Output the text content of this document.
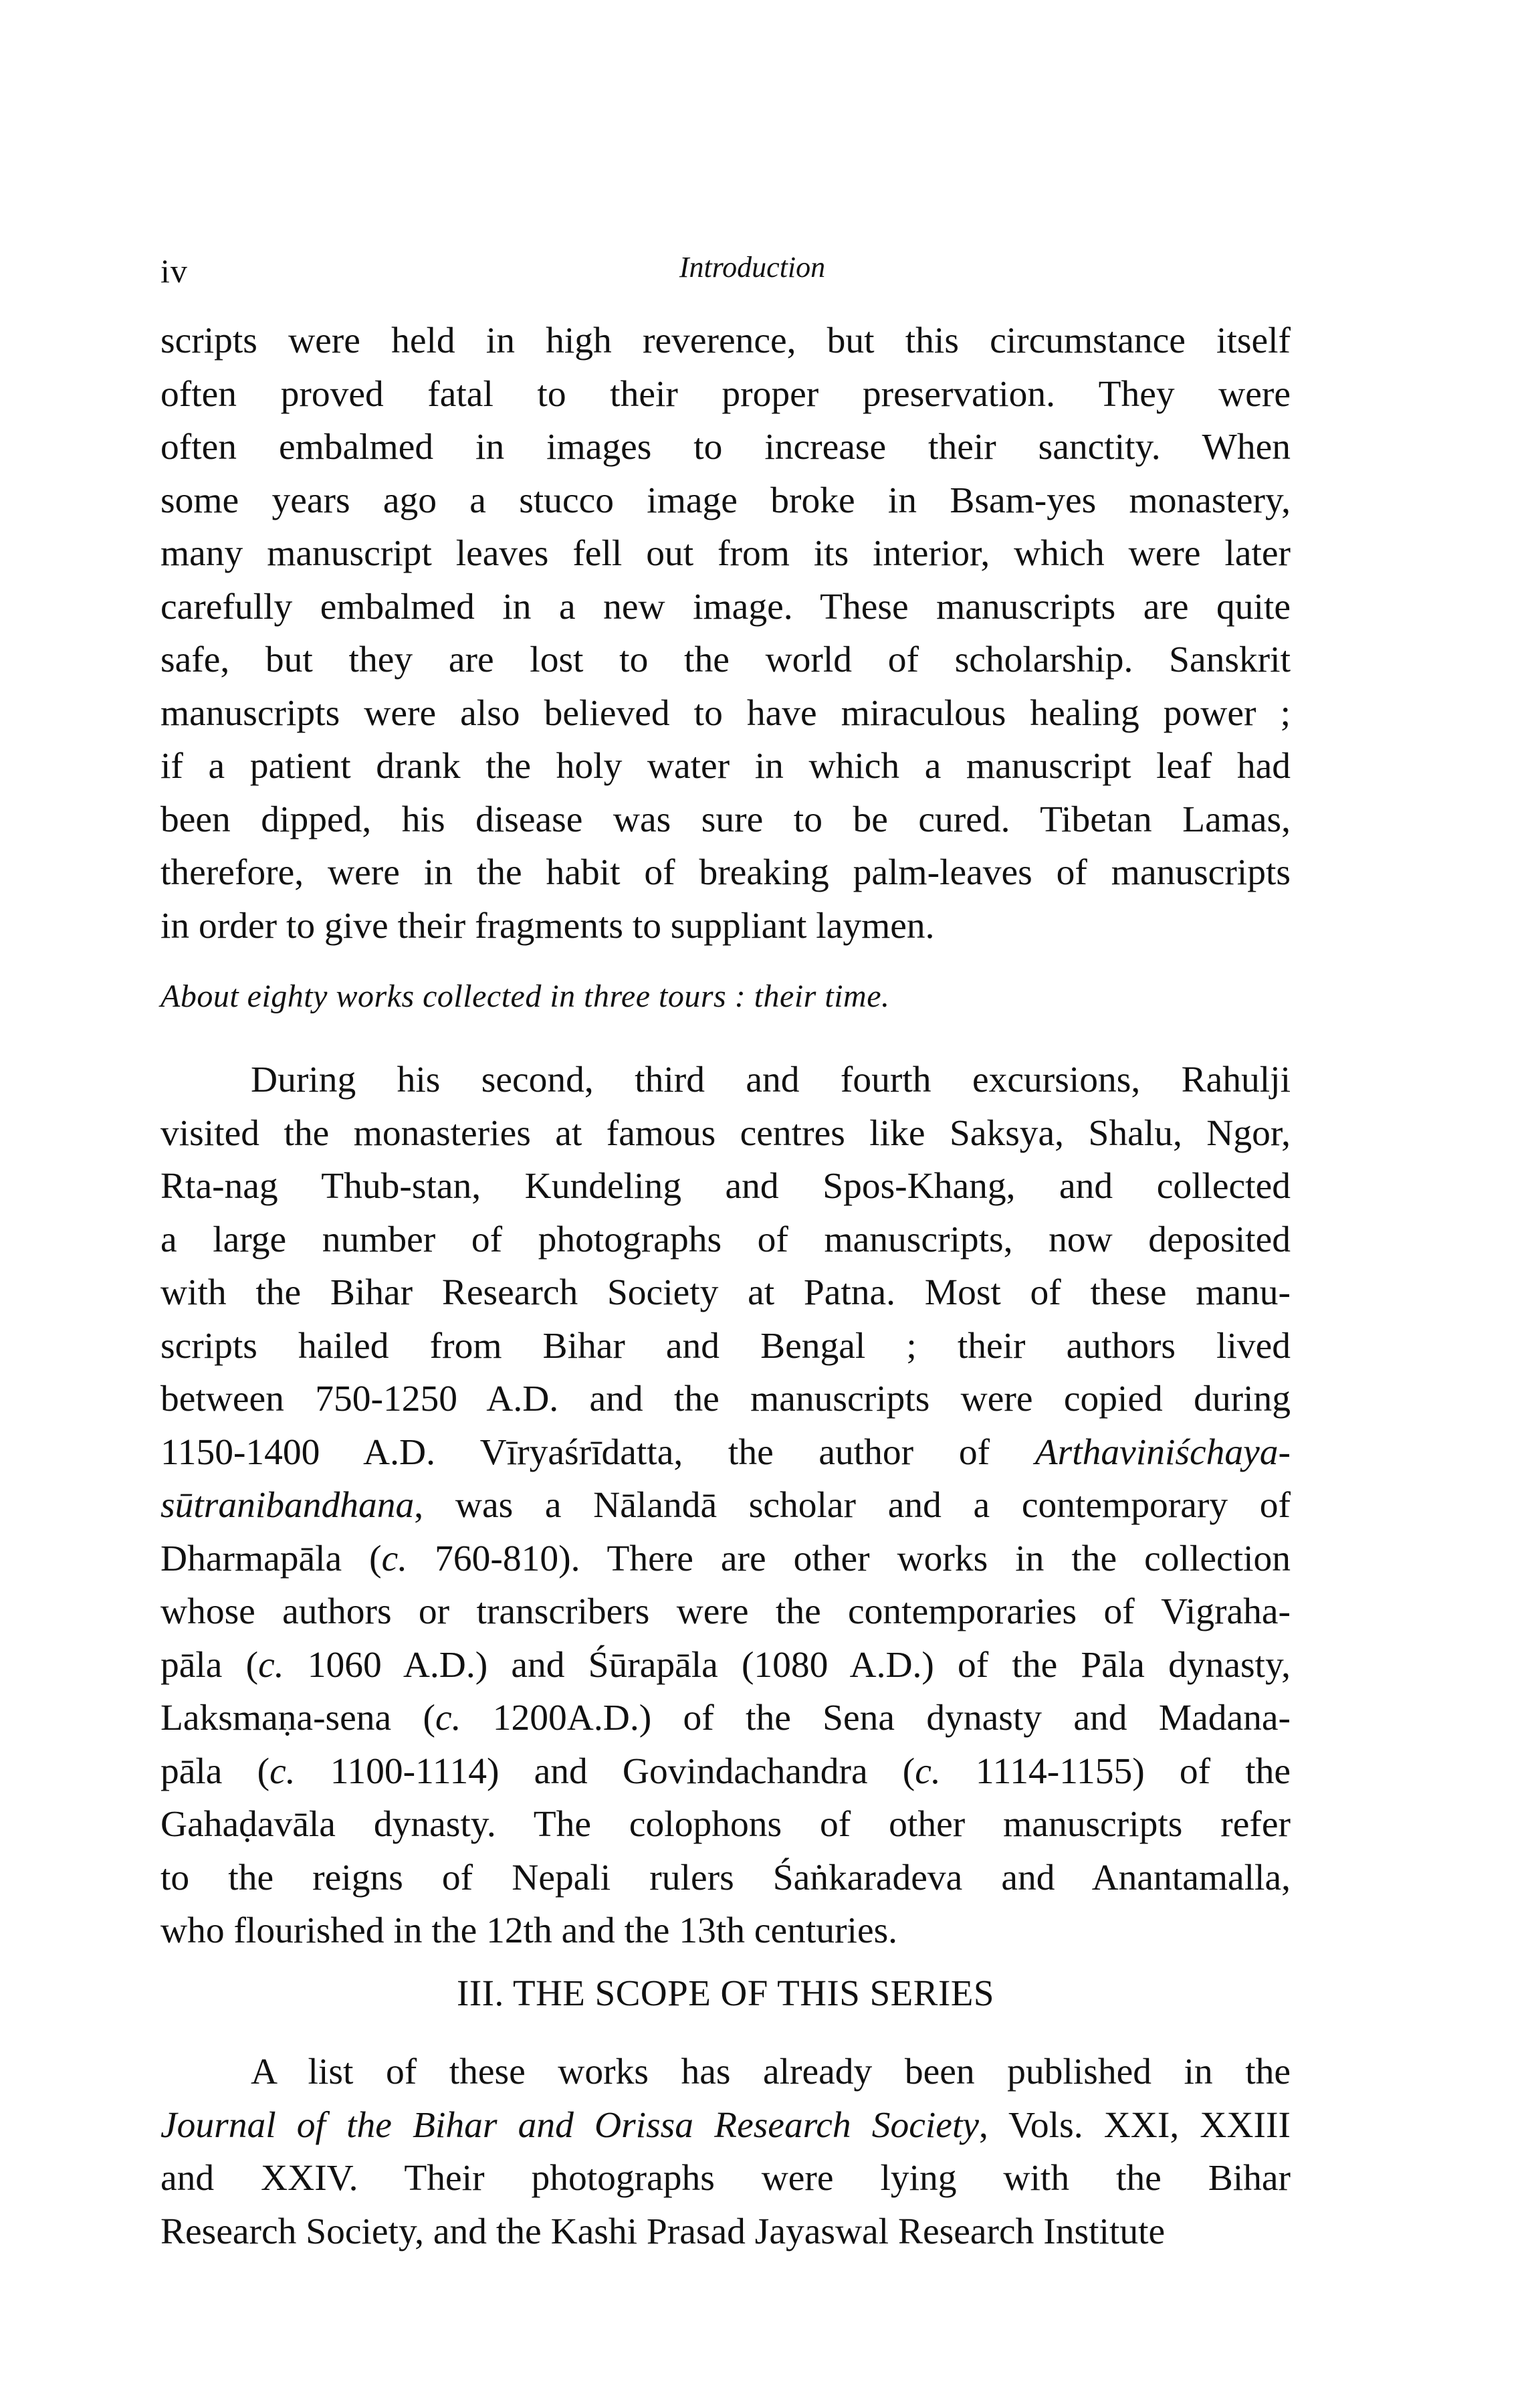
iv	Introduction
scripts were held in high reverence, but this circumstance itself
often proved fatal to their proper preservation. They were
often embalmed in images to increase their sanctity. When
some years ago a stucco image broke in Bsam-yes monastery,
many manuscript leaves fell out from its interior, which were later
carefully embalmed in a new image. These manuscripts are quite
safe, but they are lost to the world of scholarship. Sanskrit
manuscripts were also believed to have miraculous healing power ;
if a patient drank the holy water in which a manuscript leaf had
been dipped, his disease was sure to be cured. Tibetan Lamas,
therefore, were in the habit of breaking palm-leaves of manuscripts
in order to give their fragments to suppliant laymen.
About eighty works collected in three tours : their time.
During his second, third and fourth excursions, Rahulji
visited the monasteries at famous centres like Saksya, Shalu, Ngor,
Rta-nag Thub-stan, Kundeling and Spos-Khang, and collected
a large number of photographs of manuscripts, now deposited
with the Bihar Research Society at Patna. Most of these manu-
scripts hailed from Bihar and Bengal ; their authors lived
between 750-1250 A.D. and the manuscripts were copied during
1150-1400 A.D. Vīryaśrīdatta, the author of Arthaviniśchaya-
sūtranibandhana, was a Nālandā scholar and a contemporary of
Dharmapāla (c. 760-810). There are other works in the collection
whose authors or transcribers were the contemporaries of Vigraha-
pāla (c. 1060 A.D.) and Śūrapāla (1080 A.D.) of the Pāla dynasty,
Laksmaṇa-sena (c. 1200A.D.) of the Sena dynasty and Madana-
pāla (c. 1100-1114) and Govindachandra (c. 1114-1155) of the
Gahaḍavāla dynasty. The colophons of other manuscripts refer
to the reigns of Nepali rulers Śaṅkaradeva and Anantamalla,
who flourished in the 12th and the 13th centuries.
III. THE SCOPE OF THIS SERIES
A list of these works has already been published in the
Journal of the Bihar and Orissa Research Society, Vols. XXI, XXIII
and XXIV. Their photographs were lying with the Bihar
Research Society, and the Kashi Prasad Jayaswal Research Institute
